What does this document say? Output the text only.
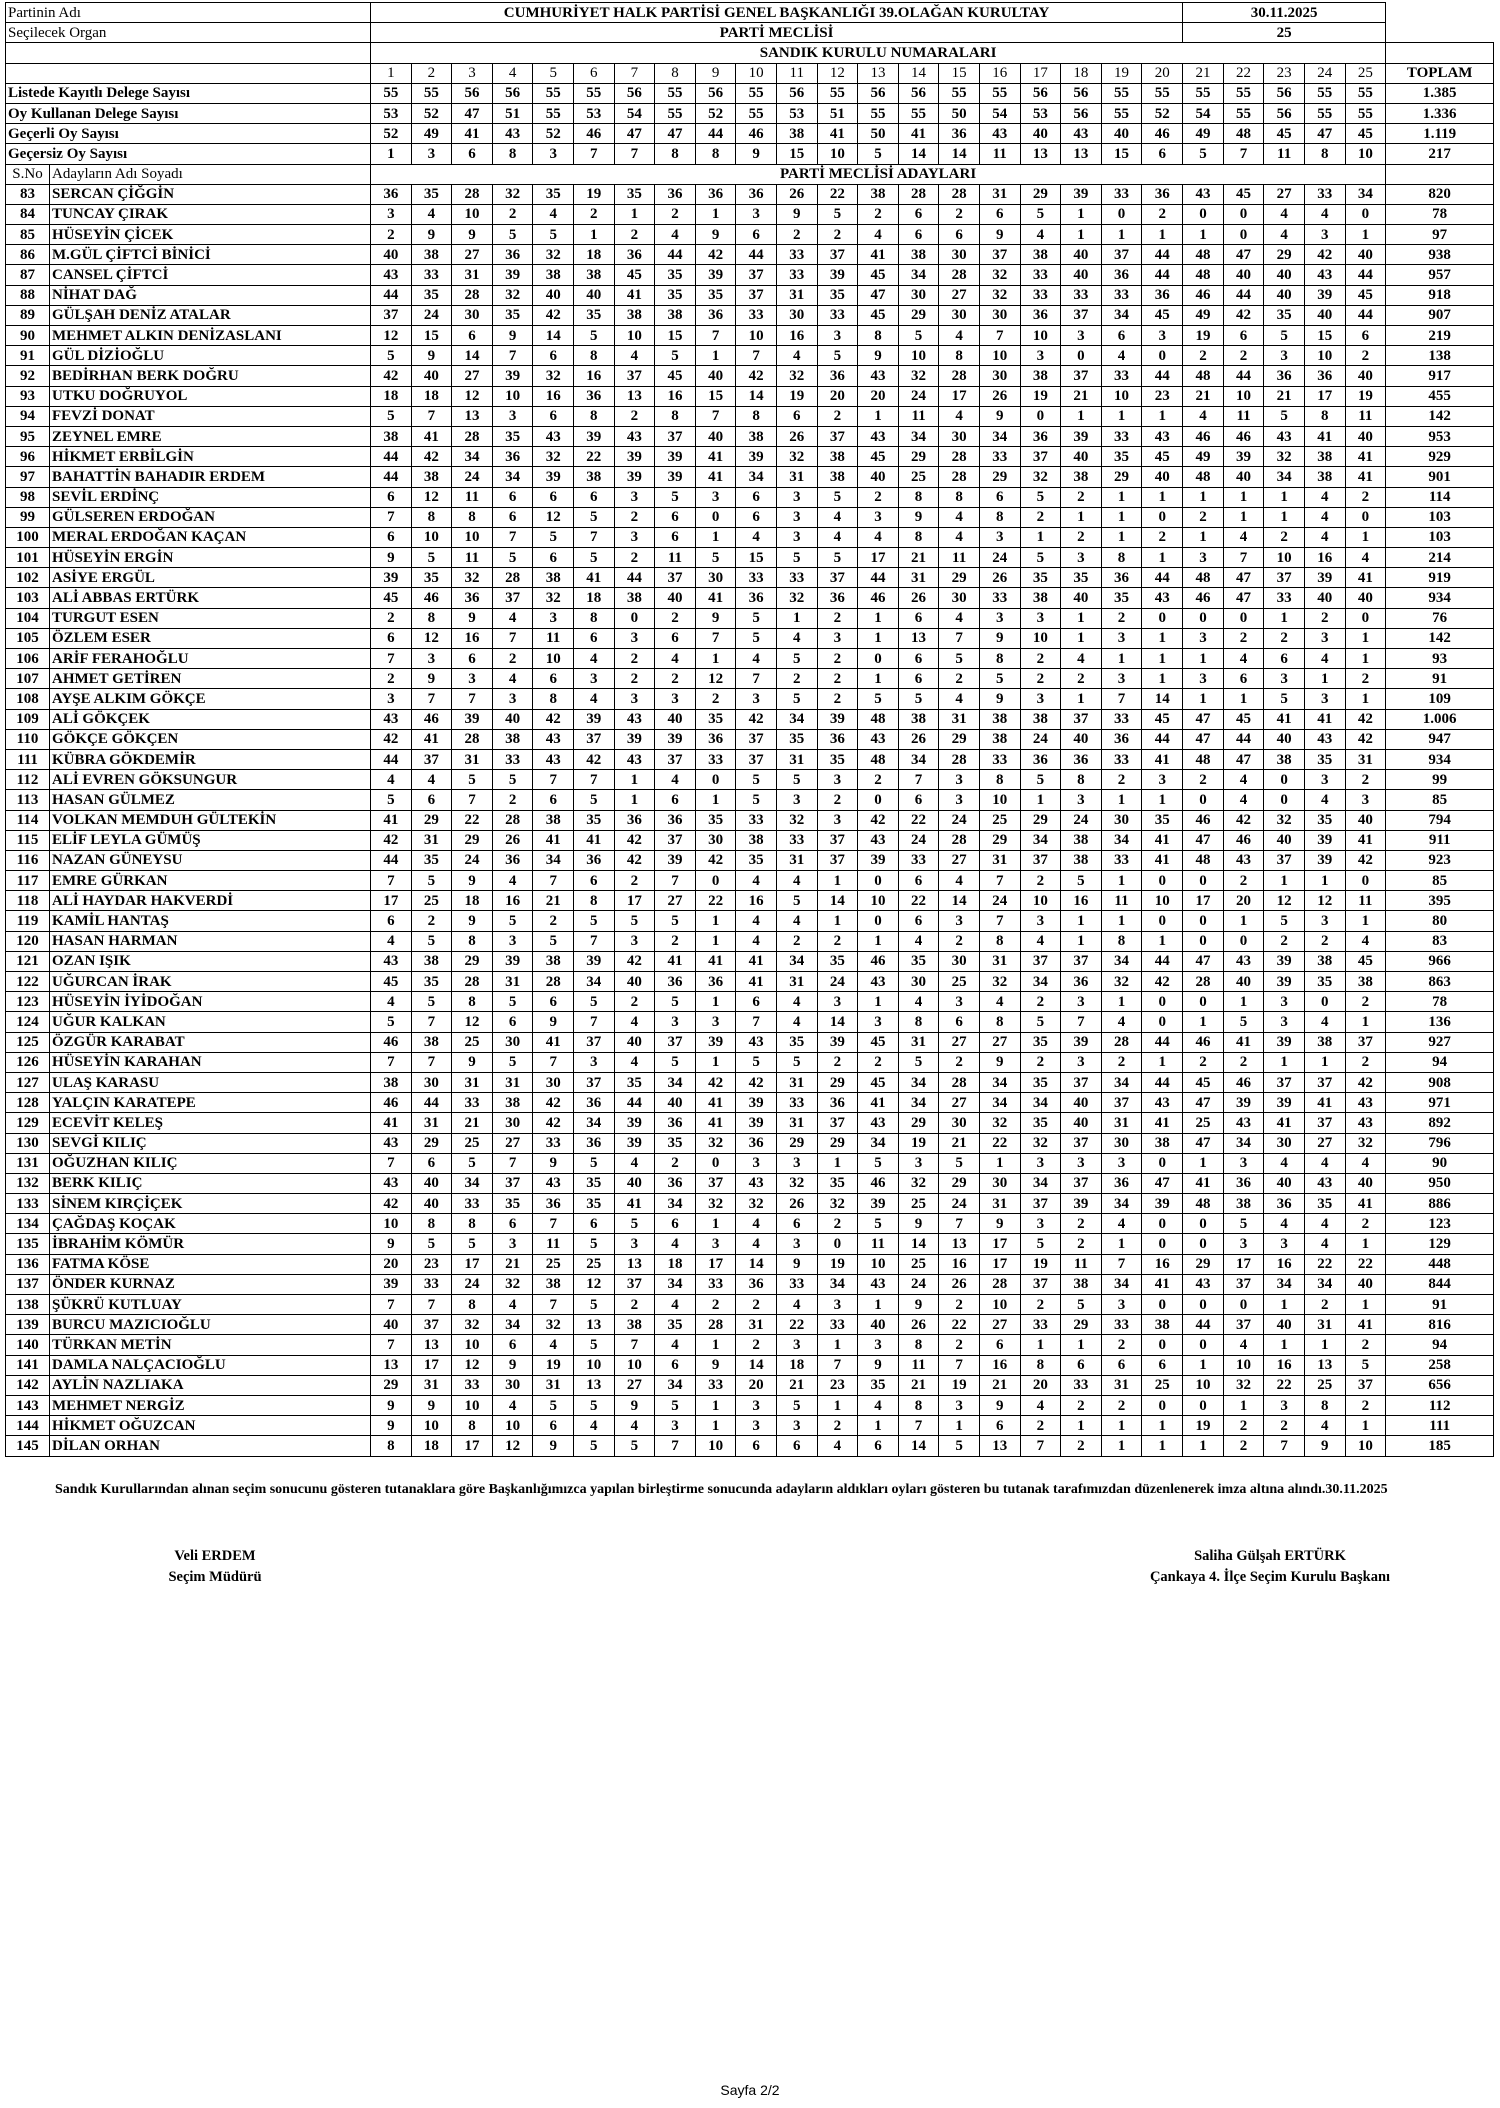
Partinin Adı		CUMHURİYET HALK PARTİSİ GENEL BAŞKANLIĞI 39.OLAĞAN KURULTAY																				30.11.2025					
Seçilecek Organ		PARTİ MECLİSİ																				25					
		SANDIK KURULU NUMARALARI																									
		1	2	3	4	5	6	7	8	9	10	11	12	13	14	15	16	17	18	19	20	21	22	23	24	25	TOPLAM
Listede Kayıtlı Delege Sayısı		55	55	56	56	55	55	56	55	56	55	56	55	56	56	55	55	56	56	55	55	55	55	56	55	55	1.385
Oy Kullanan Delege Sayısı		53	52	47	51	55	53	54	55	52	55	53	51	55	55	50	54	53	56	55	52	54	55	56	55	55	1.336
Geçerli Oy Sayısı		52	49	41	43	52	46	47	47	44	46	38	41	50	41	36	43	40	43	40	46	49	48	45	47	45	1.119
Geçersiz Oy Sayısı		1	3	6	8	3	7	7	8	8	9	15	10	5	14	14	11	13	13	15	6	5	7	11	8	10	217
S.No	Adayların Adı Soyadı	PARTİ MECLİSİ ADAYLARI																									
83	SERCAN ÇİĞGİN	36	35	28	32	35	19	35	36	36	36	26	22	38	28	28	31	29	39	33	36	43	45	27	33	34	820
84	TUNCAY ÇIRAK	3	4	10	2	4	2	1	2	1	3	9	5	2	6	2	6	5	1	0	2	0	0	4	4	0	78
85	HÜSEYİN ÇİCEK	2	9	9	5	5	1	2	4	9	6	2	2	4	6	6	9	4	1	1	1	1	0	4	3	1	97
86	M.GÜL ÇİFTCİ BİNİCİ	40	38	27	36	32	18	36	44	42	44	33	37	41	38	30	37	38	40	37	44	48	47	29	42	40	938
87	CANSEL ÇİFTCİ	43	33	31	39	38	38	45	35	39	37	33	39	45	34	28	32	33	40	36	44	48	40	40	43	44	957
88	NİHAT DAĞ	44	35	28	32	40	40	41	35	35	37	31	35	47	30	27	32	33	33	33	36	46	44	40	39	45	918
89	GÜLŞAH DENİZ ATALAR	37	24	30	35	42	35	38	38	36	33	30	33	45	29	30	30	36	37	34	45	49	42	35	40	44	907
90	MEHMET ALKIN DENİZASLANI	12	15	6	9	14	5	10	15	7	10	16	3	8	5	4	7	10	3	6	3	19	6	5	15	6	219
91	GÜL DİZİOĞLU	5	9	14	7	6	8	4	5	1	7	4	5	9	10	8	10	3	0	4	0	2	2	3	10	2	138
92	BEDİRHAN BERK DOĞRU	42	40	27	39	32	16	37	45	40	42	32	36	43	32	28	30	38	37	33	44	48	44	36	36	40	917
93	UTKU DOĞRUYOL	18	18	12	10	16	36	13	16	15	14	19	20	20	24	17	26	19	21	10	23	21	10	21	17	19	455
94	FEVZİ DONAT	5	7	13	3	6	8	2	8	7	8	6	2	1	11	4	9	0	1	1	1	4	11	5	8	11	142
95	ZEYNEL EMRE	38	41	28	35	43	39	43	37	40	38	26	37	43	34	30	34	36	39	33	43	46	46	43	41	40	953
96	HİKMET ERBİLGİN	44	42	34	36	32	22	39	39	41	39	32	38	45	29	28	33	37	40	35	45	49	39	32	38	41	929
97	BAHATTİN BAHADIR ERDEM	44	38	24	34	39	38	39	39	41	34	31	38	40	25	28	29	32	38	29	40	48	40	34	38	41	901
98	SEVİL ERDİNÇ	6	12	11	6	6	6	3	5	3	6	3	5	2	8	8	6	5	2	1	1	1	1	1	4	2	114
99	GÜLSEREN ERDOĞAN	7	8	8	6	12	5	2	6	0	6	3	4	3	9	4	8	2	1	1	0	2	1	1	4	0	103
100	MERAL ERDOĞAN KAÇAN	6	10	10	7	5	7	3	6	1	4	3	4	4	8	4	3	1	2	1	2	1	4	2	4	1	103
101	HÜSEYİN ERGİN	9	5	11	5	6	5	2	11	5	15	5	5	17	21	11	24	5	3	8	1	3	7	10	16	4	214
102	ASİYE ERGÜL	39	35	32	28	38	41	44	37	30	33	33	37	44	31	29	26	35	35	36	44	48	47	37	39	41	919
103	ALİ ABBAS ERTÜRK	45	46	36	37	32	18	38	40	41	36	32	36	46	26	30	33	38	40	35	43	46	47	33	40	40	934
104	TURGUT ESEN	2	8	9	4	3	8	0	2	9	5	1	2	1	6	4	3	3	1	2	0	0	0	1	2	0	76
105	ÖZLEM ESER	6	12	16	7	11	6	3	6	7	5	4	3	1	13	7	9	10	1	3	1	3	2	2	3	1	142
106	ARİF FERAHOĞLU	7	3	6	2	10	4	2	4	1	4	5	2	0	6	5	8	2	4	1	1	1	4	6	4	1	93
107	AHMET GETİREN	2	9	3	4	6	3	2	2	12	7	2	2	1	6	2	5	2	2	3	1	3	6	3	1	2	91
108	AYŞE ALKIM GÖKÇE	3	7	7	3	8	4	3	3	2	3	5	2	5	5	4	9	3	1	7	14	1	1	5	3	1	109
109	ALİ GÖKÇEK	43	46	39	40	42	39	43	40	35	42	34	39	48	38	31	38	38	37	33	45	47	45	41	41	42	1.006
110	GÖKÇE GÖKÇEN	42	41	28	38	43	37	39	39	36	37	35	36	43	26	29	38	24	40	36	44	47	44	40	43	42	947
111	KÜBRA GÖKDEMİR	44	37	31	33	43	42	43	37	33	37	31	35	48	34	28	33	36	36	33	41	48	47	38	35	31	934
112	ALİ EVREN GÖKSUNGUR	4	4	5	5	7	7	1	4	0	5	5	3	2	7	3	8	5	8	2	3	2	4	0	3	2	99
113	HASAN GÜLMEZ	5	6	7	2	6	5	1	6	1	5	3	2	0	6	3	10	1	3	1	1	0	4	0	4	3	85
114	VOLKAN MEMDUH GÜLTEKİN	41	29	22	28	38	35	36	36	35	33	32	3	42	22	24	25	29	24	30	35	46	42	32	35	40	794
115	ELİF LEYLA GÜMÜŞ	42	31	29	26	41	41	42	37	30	38	33	37	43	24	28	29	34	38	34	41	47	46	40	39	41	911
116	NAZAN GÜNEYSU	44	35	24	36	34	36	42	39	42	35	31	37	39	33	27	31	37	38	33	41	48	43	37	39	42	923
117	EMRE GÜRKAN	7	5	9	4	7	6	2	7	0	4	4	1	0	6	4	7	2	5	1	0	0	2	1	1	0	85
118	ALİ HAYDAR HAKVERDİ	17	25	18	16	21	8	17	27	22	16	5	14	10	22	14	24	10	16	11	10	17	20	12	12	11	395
119	KAMİL HANTAŞ	6	2	9	5	2	5	5	5	1	4	4	1	0	6	3	7	3	1	1	0	0	1	5	3	1	80
120	HASAN HARMAN	4	5	8	3	5	7	3	2	1	4	2	2	1	4	2	8	4	1	8	1	0	0	2	2	4	83
121	OZAN IŞIK	43	38	29	39	38	39	42	41	41	41	34	35	46	35	30	31	37	37	34	44	47	43	39	38	45	966
122	UĞURCAN İRAK	45	35	28	31	28	34	40	36	36	41	31	24	43	30	25	32	34	36	32	42	28	40	39	35	38	863
123	HÜSEYİN İYİDOĞAN	4	5	8	5	6	5	2	5	1	6	4	3	1	4	3	4	2	3	1	0	0	1	3	0	2	78
124	UĞUR KALKAN	5	7	12	6	9	7	4	3	3	7	4	14	3	8	6	8	5	7	4	0	1	5	3	4	1	136
125	ÖZGÜR KARABAT	46	38	25	30	41	37	40	37	39	43	35	39	45	31	27	27	35	39	28	44	46	41	39	38	37	927
126	HÜSEYİN KARAHAN	7	7	9	5	7	3	4	5	1	5	5	2	2	5	2	9	2	3	2	1	2	2	1	1	2	94
127	ULAŞ KARASU	38	30	31	31	30	37	35	34	42	42	31	29	45	34	28	34	35	37	34	44	45	46	37	37	42	908
128	YALÇIN KARATEPE	46	44	33	38	42	36	44	40	41	39	33	36	41	34	27	34	34	40	37	43	47	39	39	41	43	971
129	ECEVİT KELEŞ	41	31	21	30	42	34	39	36	41	39	31	37	43	29	30	32	35	40	31	41	25	43	41	37	43	892
130	SEVGİ KILIÇ	43	29	25	27	33	36	39	35	32	36	29	29	34	19	21	22	32	37	30	38	47	34	30	27	32	796
131	OĞUZHAN KILIÇ	7	6	5	7	9	5	4	2	0	3	3	1	5	3	5	1	3	3	3	0	1	3	4	4	4	90
132	BERK KILIÇ	43	40	34	37	43	35	40	36	37	43	32	35	46	32	29	30	34	37	36	47	41	36	40	43	40	950
133	SİNEM KIRÇİÇEK	42	40	33	35	36	35	41	34	32	32	26	32	39	25	24	31	37	39	34	39	48	38	36	35	41	886
134	ÇAĞDAŞ KOÇAK	10	8	8	6	7	6	5	6	1	4	6	2	5	9	7	9	3	2	4	0	0	5	4	4	2	123
135	İBRAHİM KÖMÜR	9	5	5	3	11	5	3	4	3	4	3	0	11	14	13	17	5	2	1	0	0	3	3	4	1	129
136	FATMA KÖSE	20	23	17	21	25	25	13	18	17	14	9	19	10	25	16	17	19	11	7	16	29	17	16	22	22	448
137	ÖNDER KURNAZ	39	33	24	32	38	12	37	34	33	36	33	34	43	24	26	28	37	38	34	41	43	37	34	34	40	844
138	ŞÜKRÜ KUTLUAY	7	7	8	4	7	5	2	4	2	2	4	3	1	9	2	10	2	5	3	0	0	0	1	2	1	91
139	BURCU MAZICIOĞLU	40	37	32	34	32	13	38	35	28	31	22	33	40	26	22	27	33	29	33	38	44	37	40	31	41	816
140	TÜRKAN METİN	7	13	10	6	4	5	7	4	1	2	3	1	3	8	2	6	1	1	2	0	0	4	1	1	2	94
141	DAMLA NALÇACIOĞLU	13	17	12	9	19	10	10	6	9	14	18	7	9	11	7	16	8	6	6	6	1	10	16	13	5	258
142	AYLİN NAZLIAKA	29	31	33	30	31	13	27	34	33	20	21	23	35	21	19	21	20	33	31	25	10	32	22	25	37	656
143	MEHMET NERGİZ	9	9	10	4	5	5	9	5	1	3	5	1	4	8	3	9	4	2	2	0	0	1	3	8	2	112
144	HİKMET OĞUZCAN	9	10	8	10	6	4	4	3	1	3	3	2	1	7	1	6	2	1	1	1	19	2	2	4	1	111
145	DİLAN ORHAN	8	18	17	12	9	5	5	7	10	6	6	4	6	14	5	13	7	2	1	1	1	2	7	9	10	185

Sandık Kurullarından alınan seçim sonucunu gösteren tutanaklara göre Başkanlığımızca yapılan birleştirme sonucunda adayların aldıkları oyları gösteren bu tutanak tarafımızdan düzenlenerek imza altına alındı.30.11.2025

Veli ERDEM
Seçim Müdürü
Saliha Gülşah ERTÜRK
Çankaya 4. İlçe Seçim Kurulu Başkanı
Sayfa 2/2
